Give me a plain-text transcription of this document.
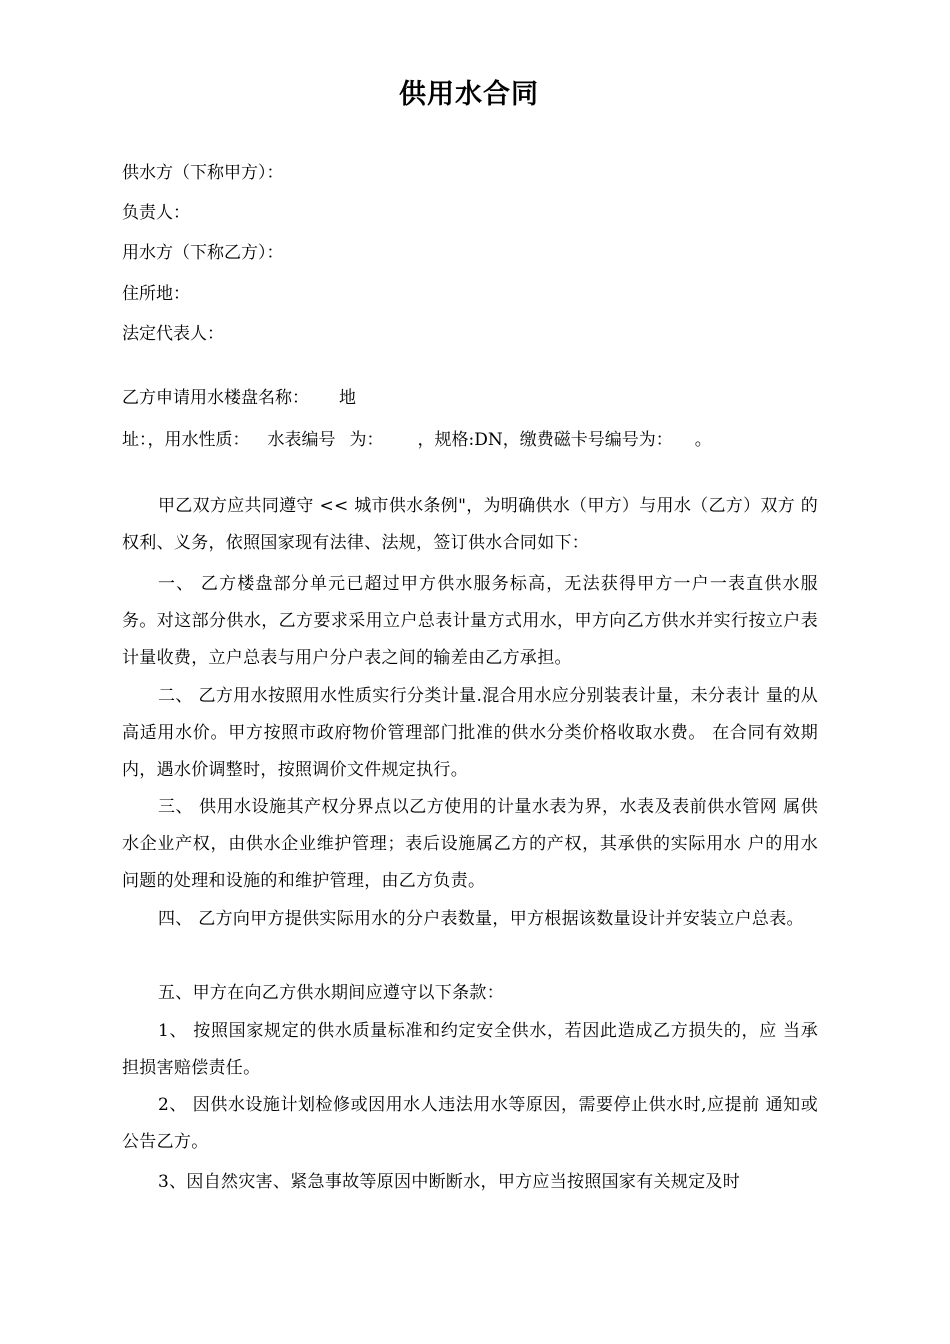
供用水合同
供水方（下称甲方）：
负责人：
用水方（下称乙方）：
住所地：
法定代表人：
乙方申请用水楼盘名称： 地
址：，用水性质： 水表编号 为： ，规格:DN，缴费磁卡号编号为： 。
甲乙双方应共同遵守 << 城市供水条例"，为明确供水（甲方）与用水（乙方）双方 的权利、义务，依照国家现有法律、法规，签订供水合同如下：
一、 乙方楼盘部分单元已超过甲方供水服务标高，无法获得甲方一户一表直供水服务。对这部分供水，乙方要求采用立户总表计量方式用水，甲方向乙方供水并实行按立户表计量收费，立户总表与用户分户表之间的输差由乙方承担。
二、 乙方用水按照用水性质实行分类计量.混合用水应分别装表计量，未分表计 量的从高适用水价。甲方按照市政府物价管理部门批准的供水分类价格收取水费。 在合同有效期内，遇水价调整时，按照调价文件规定执行。
三、 供用水设施其产权分界点以乙方使用的计量水表为界，水表及表前供水管网 属供水企业产权，由供水企业维护管理；表后设施属乙方的产权，其承供的实际用水 户的用水问题的处理和设施的和维护管理，由乙方负责。
四、 乙方向甲方提供实际用水的分户表数量，甲方根据该数量设计并安装立户总表。
五、甲方在向乙方供水期间应遵守以下条款：
1、 按照国家规定的供水质量标准和约定安全供水，若因此造成乙方损失的，应 当承担损害赔偿责任。
2、 因供水设施计划检修或因用水人违法用水等原因，需要停止供水时,应提前 通知或公告乙方。
3、因自然灾害、紧急事故等原因中断断水，甲方应当按照国家有关规定及时
